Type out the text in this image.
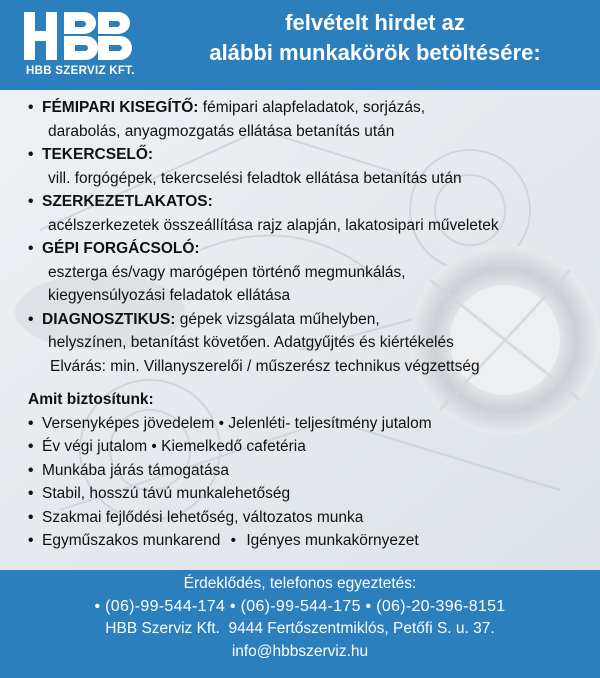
HBB SZERVIZ KFT.
felvételt hirdet az
alábbi munkakörök betöltésére:
• FÉMIPARI KISEGÍTŐ: fémipari alapfeladatok, sorjázás,
darabolás, anyagmozgatás ellátása betanítás után
• TEKERCSELŐ:
vill. forgógépek, tekercselési feladtok ellátása betanítás után
• SZERKEZETLAKATOS:
acélszerkezetek összeállítása rajz alapján, lakatosipari műveletek
• GÉPI FORGÁCSOLÓ:
eszterga és/vagy marógépen történő megmunkálás,
kiegyensúlyozási feladatok ellátása
• DIAGNOSZTIKUS: gépek vizsgálata műhelyben,
helyszínen, betanítást követően. Adatgyűjtés és kiértékelés
Elvárás: min. Villanyszerelői / műszerész technikus végzettség
Amit biztosítunk:
• Versenyképes jövedelem • Jelenléti- teljesítmény jutalom
• Év végi jutalom • Kiemelkedő cafetéria
• Munkába járás támogatása
• Stabil, hosszú távú munkalehetőség
• Szakmai fejlődési lehetőség, változatos munka
• Egyműszakos munkarend • Igényes munkakörnyezet
Érdeklődés, telefonos egyeztetés:
• (06)-99-544-174 • (06)-99-544-175 • (06)-20-396-8151
HBB Szerviz Kft.  9444 Fertőszentmiklós, Petőfi S. u. 37.
info@hbbszerviz.hu
